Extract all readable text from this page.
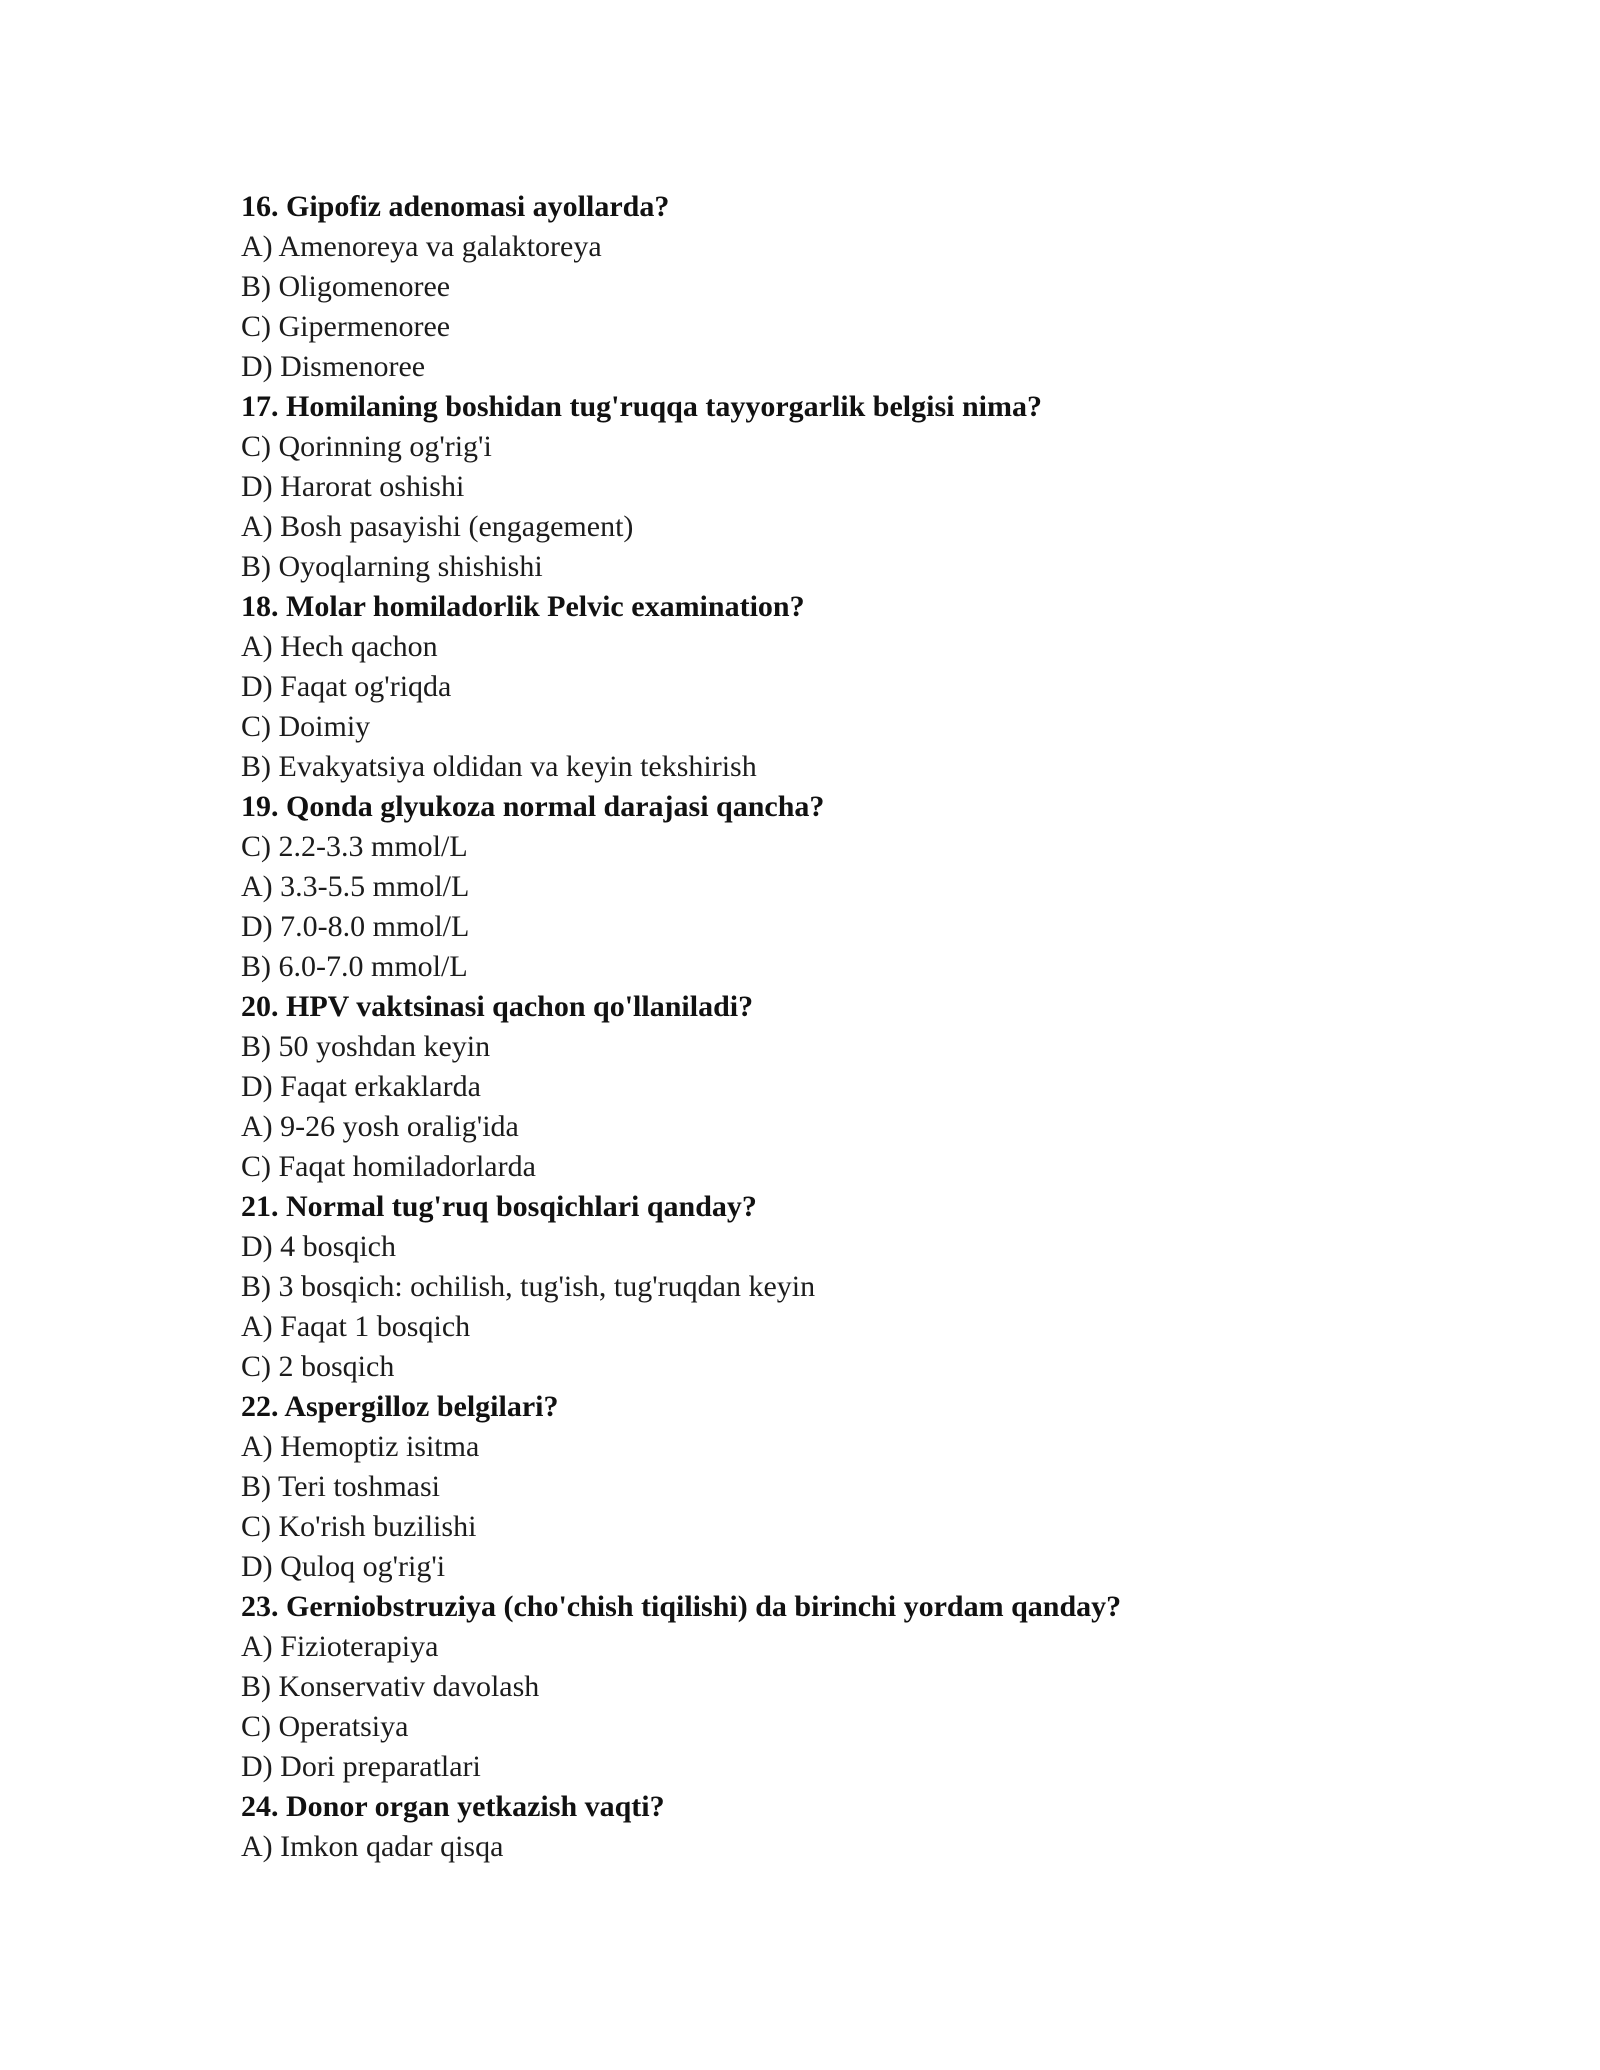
16. Gipofiz adenomasi ayollarda?
A) Amenoreya va galaktoreya
B) Oligomenoree
C) Gipermenoree
D) Dismenoree
17. Homilaning boshidan tug'ruqqa tayyorgarlik belgisi nima?
C) Qorinning og'rig'i
D) Harorat oshishi
A) Bosh pasayishi (engagement)
B) Oyoqlarning shishishi
18. Molar homiladorlik Pelvic examination?
A) Hech qachon
D) Faqat og'riqda
C) Doimiy
B) Evakyatsiya oldidan va keyin tekshirish
19. Qonda glyukoza normal darajasi qancha?
C) 2.2-3.3 mmol/L
A) 3.3-5.5 mmol/L
D) 7.0-8.0 mmol/L
B) 6.0-7.0 mmol/L
20. HPV vaktsinasi qachon qo'llaniladi?
B) 50 yoshdan keyin
D) Faqat erkaklarda
A) 9-26 yosh oralig'ida
C) Faqat homiladorlarda
21. Normal tug'ruq bosqichlari qanday?
D) 4 bosqich
B) 3 bosqich: ochilish, tug'ish, tug'ruqdan keyin
A) Faqat 1 bosqich
C) 2 bosqich
22. Aspergilloz belgilari?
A) Hemoptiz isitma
B) Teri toshmasi
C) Ko'rish buzilishi
D) Quloq og'rig'i
23. Gerniobstruziya (cho'chish tiqilishi) da birinchi yordam qanday?
A) Fizioterapiya
B) Konservativ davolash
C) Operatsiya
D) Dori preparatlari
24. Donor organ yetkazish vaqti?
A) Imkon qadar qisqa
